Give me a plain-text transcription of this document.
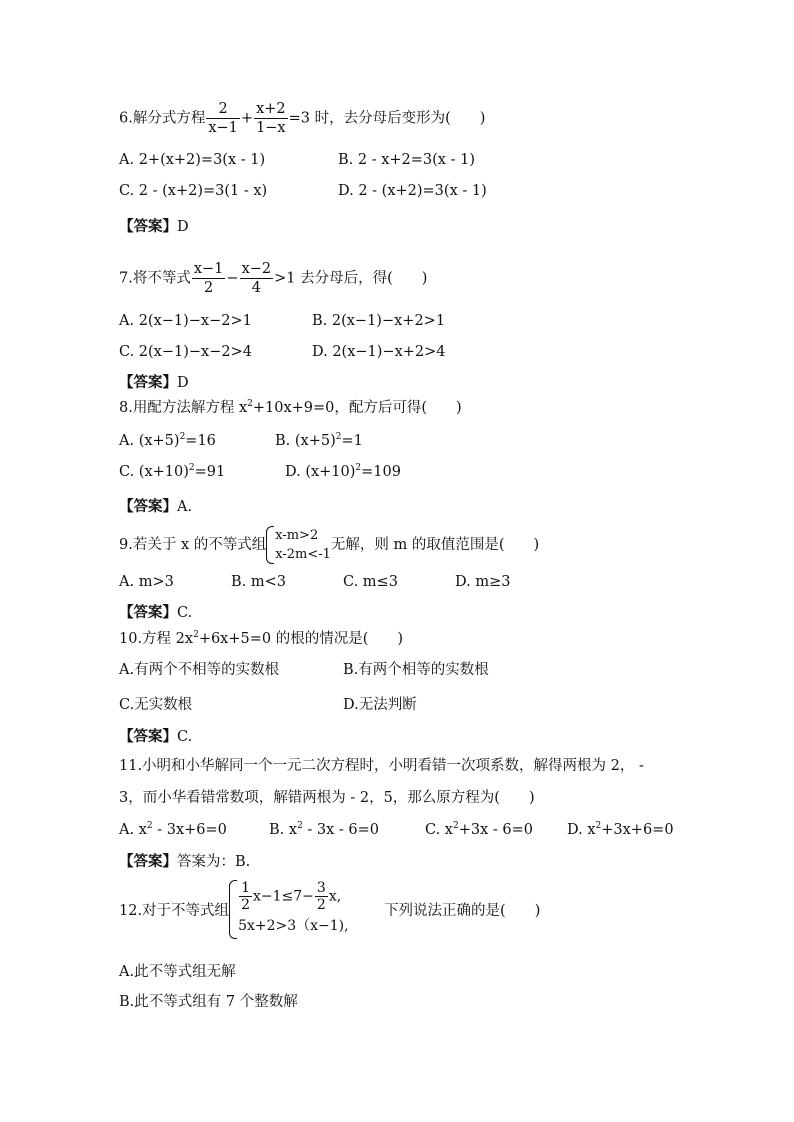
6.解分式方程 $\frac{2}{x-1} + \frac{x+2}{1-x} =3$ 时，去分母后变形为(　　)
A. 2+(x+2)=3(x - 1)	B. 2 - x+2=3(x - 1)
C. 2 - (x+2)=3(1 - x)	D. 2 - (x+2)=3(x - 1)
【答案】D
7.将不等式 $\frac{x-1}{2} - \frac{x-2}{4} >1$ 去分母后，得(　　)
A. 2(x−1)−x−2>1	B. 2(x−1)−x+2>1
C. 2(x−1)−x−2>4	D. 2(x−1)−x+2>4
【答案】D
8.用配方法解方程 $x^2+10x+9=0$，配方后可得(　　)
A. $(x+5)^2=16$	B. $(x+5)^2=1$
C. $(x+10)^2=91$	D. $(x+10)^2=109$
【答案】A.
9.若关于 x 的不等式组
x-m>2
x-2m<-1
无解，则 m 的取值范围是(　　)
A. m>3	B. m<3	C. m≤3	D. m≥3
【答案】C.
10.方程 $2x^2+6x+5=0$ 的根的情况是(　　)
A.有两个不相等的实数根	B.有两个相等的实数根
C.无实数根	D.无法判断
【答案】C.
11.小明和小华解同一个一元二次方程时，小明看错一次项系数，解得两根为 2， -
3，而小华看错常数项，解错两根为 - 2，5，那么原方程为(　　)
A. $x^2 - 3x+6=0$	B. $x^2 - 3x - 6=0$	C. $x^2+3x - 6=0$ D. $x^2+3x+6=0$
【答案】答案为：B.
12.对于不等式组 $\frac{1}{2} x-1\le 7- \frac{3}{2} x$,
5x+2>3（x−1),
下列说法正确的是(　　)
A.此不等式组无解
B.此不等式组有 7 个整数解
